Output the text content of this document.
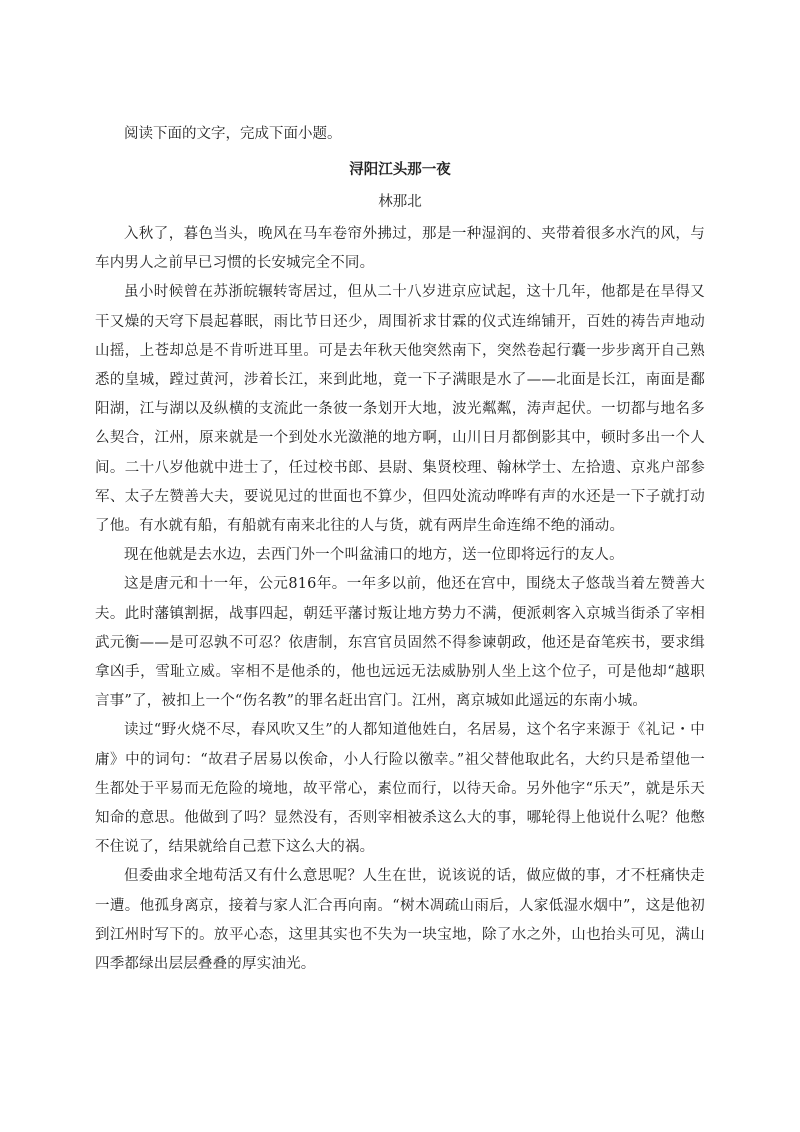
阅读下面的文字，完成下面小题。

浔阳江头那一夜

林那北

入秋了，暮色当头，晚风在马车卷帘外拂过，那是一种湿润的、夹带着很多水汽的风，与车内男人之前早已习惯的长安城完全不同。

虽小时候曾在苏浙皖辗转寄居过，但从二十八岁进京应试起，这十几年，他都是在旱得又干又燥的天穹下晨起暮眠，雨比节日还少，周围祈求甘霖的仪式连绵铺开，百姓的祷告声地动山摇，上苍却总是不肯听进耳里。可是去年秋天他突然南下，突然卷起行囊一步步离开自己熟悉的皇城，蹚过黄河，涉着长江，来到此地，竟一下子满眼是水了——北面是长江，南面是鄱阳湖，江与湖以及纵横的支流此一条彼一条划开大地，波光粼粼，涛声起伏。一切都与地名多么契合，江州，原来就是一个到处水光潋滟的地方啊，山川日月都倒影其中，顿时多出一个人间。二十八岁他就中进士了，任过校书郎、县尉、集贤校理、翰林学士、左拾遗、京兆户部参军、太子左赞善大夫，要说见过的世面也不算少，但四处流动哗哗有声的水还是一下子就打动了他。有水就有船，有船就有南来北往的人与货，就有两岸生命连绵不绝的涌动。

现在他就是去水边，去西门外一个叫盆浦口的地方，送一位即将远行的友人。

这是唐元和十一年，公元816年。一年多以前，他还在宫中，围绕太子悠哉当着左赞善大夫。此时藩镇割据，战事四起，朝廷平藩讨叛让地方势力不满，便派刺客入京城当街杀了宰相武元衡——是可忍孰不可忍？依唐制，东宫官员固然不得参谏朝政，他还是奋笔疾书，要求缉拿凶手，雪耻立威。宰相不是他杀的，他也远远无法威胁别人坐上这个位子，可是他却“越职言事”了，被扣上一个“伤名教”的罪名赶出宫门。江州，离京城如此遥远的东南小城。

读过“野火烧不尽，春风吹又生”的人都知道他姓白，名居易，这个名字来源于《礼记・中庸》中的词句：“故君子居易以俟命，小人行险以徼幸。”祖父替他取此名，大约只是希望他一生都处于平易而无危险的境地，故平常心，素位而行，以待天命。另外他字“乐天”，就是乐天知命的意思。他做到了吗？显然没有，否则宰相被杀这么大的事，哪轮得上他说什么呢？他憋不住说了，结果就给自己惹下这么大的祸。

但委曲求全地苟活又有什么意思呢？人生在世，说该说的话，做应做的事，才不枉痛快走一遭。他孤身离京，接着与家人汇合再向南。“树木凋疏山雨后，人家低湿水烟中”，这是他初到江州时写下的。放平心态，这里其实也不失为一块宝地，除了水之外，山也抬头可见，满山四季都绿出层层叠叠的厚实油光。
